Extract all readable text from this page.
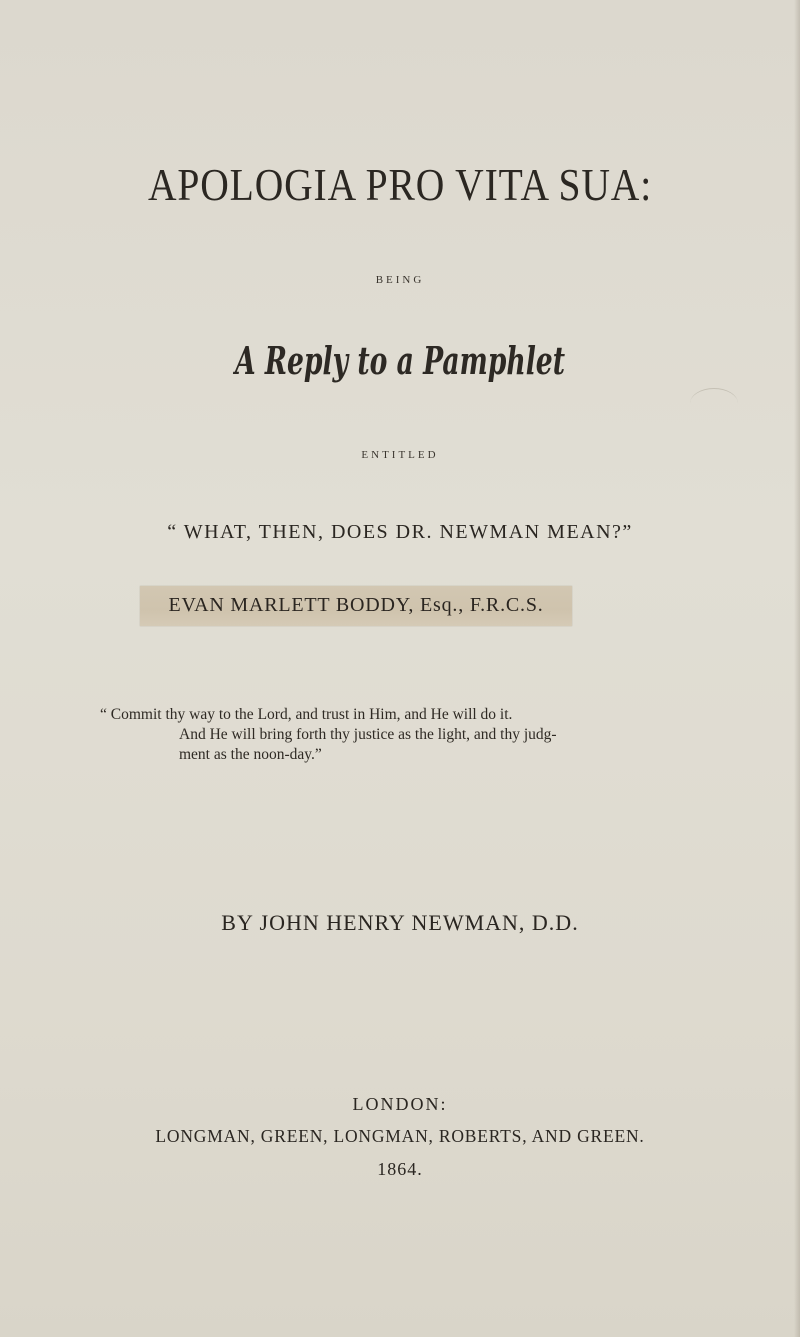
APOLOGIA PRO VITA SUA:
BEING
A Reply to a Pamphlet
ENTITLED
“ WHAT, THEN, DOES DR. NEWMAN MEAN?”
EVAN MARLETT BODDY, Esq., F.R.C.S.
“ Commit thy way to the Lord, and trust in Him, and He will do it.
And He will bring forth thy justice as the light, and thy judg-
ment as the noon-day.”
BY JOHN HENRY NEWMAN, D.D.
LONDON:
LONGMAN, GREEN, LONGMAN, ROBERTS, AND GREEN.
1864.
